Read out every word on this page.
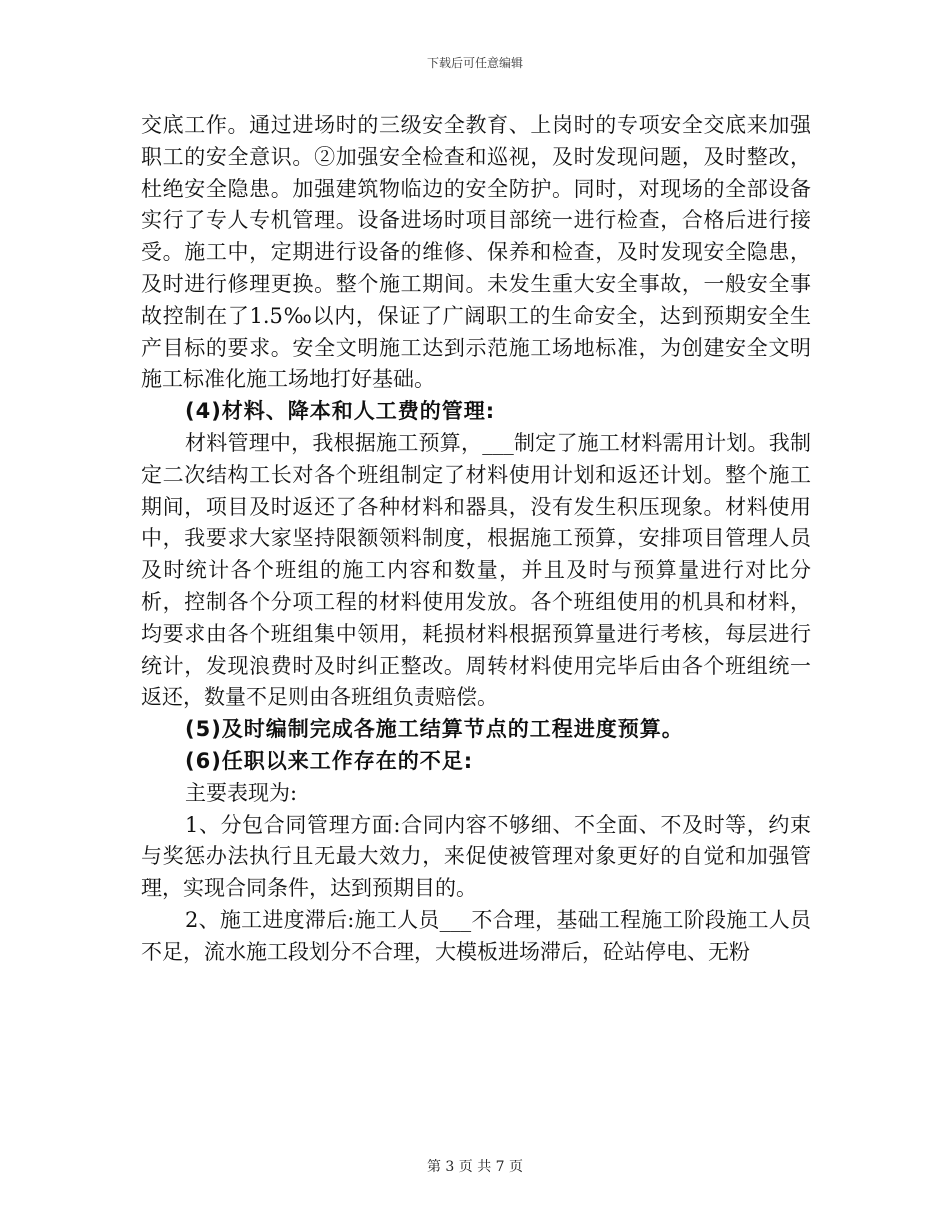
下载后可任意编辑

交底工作。通过进场时的三级安全教育、上岗时的专项安全交底来加强职工的安全意识。②加强安全检查和巡视，及时发现问题，及时整改，杜绝安全隐患。加强建筑物临边的安全防护。同时，对现场的全部设备实行了专人专机管理。设备进场时项目部统一进行检查，合格后进行接受。施工中，定期进行设备的维修、保养和检查，及时发现安全隐患，及时进行修理更换。整个施工期间。未发生重大安全事故，一般安全事故控制在了1.5‰以内，保证了广阔职工的生命安全，达到预期安全生产目标的要求。安全文明施工达到示范施工场地标准，为创建安全文明施工标准化施工场地打好基础。

(4)材料、降本和人工费的管理:

材料管理中，我根据施工预算，___制定了施工材料需用计划。我制定二次结构工长对各个班组制定了材料使用计划和返还计划。整个施工期间，项目及时返还了各种材料和器具，没有发生积压现象。材料使用中，我要求大家坚持限额领料制度，根据施工预算，安排项目管理人员及时统计各个班组的施工内容和数量，并且及时与预算量进行对比分析，控制各个分项工程的材料使用发放。各个班组使用的机具和材料，均要求由各个班组集中领用，耗损材料根据预算量进行考核，每层进行统计，发现浪费时及时纠正整改。周转材料使用完毕后由各个班组统一返还，数量不足则由各班组负责赔偿。

(5)及时编制完成各施工结算节点的工程进度预算。

(6)任职以来工作存在的不足:

主要表现为:

1、分包合同管理方面:合同内容不够细、不全面、不及时等，约束与奖惩办法执行且无最大效力，来促使被管理对象更好的自觉和加强管理，实现合同条件，达到预期目的。

2、施工进度滞后:施工人员___不合理，基础工程施工阶段施工人员不足，流水施工段划分不合理，大模板进场滞后，砼站停电、无粉

第 3 页 共 7 页
